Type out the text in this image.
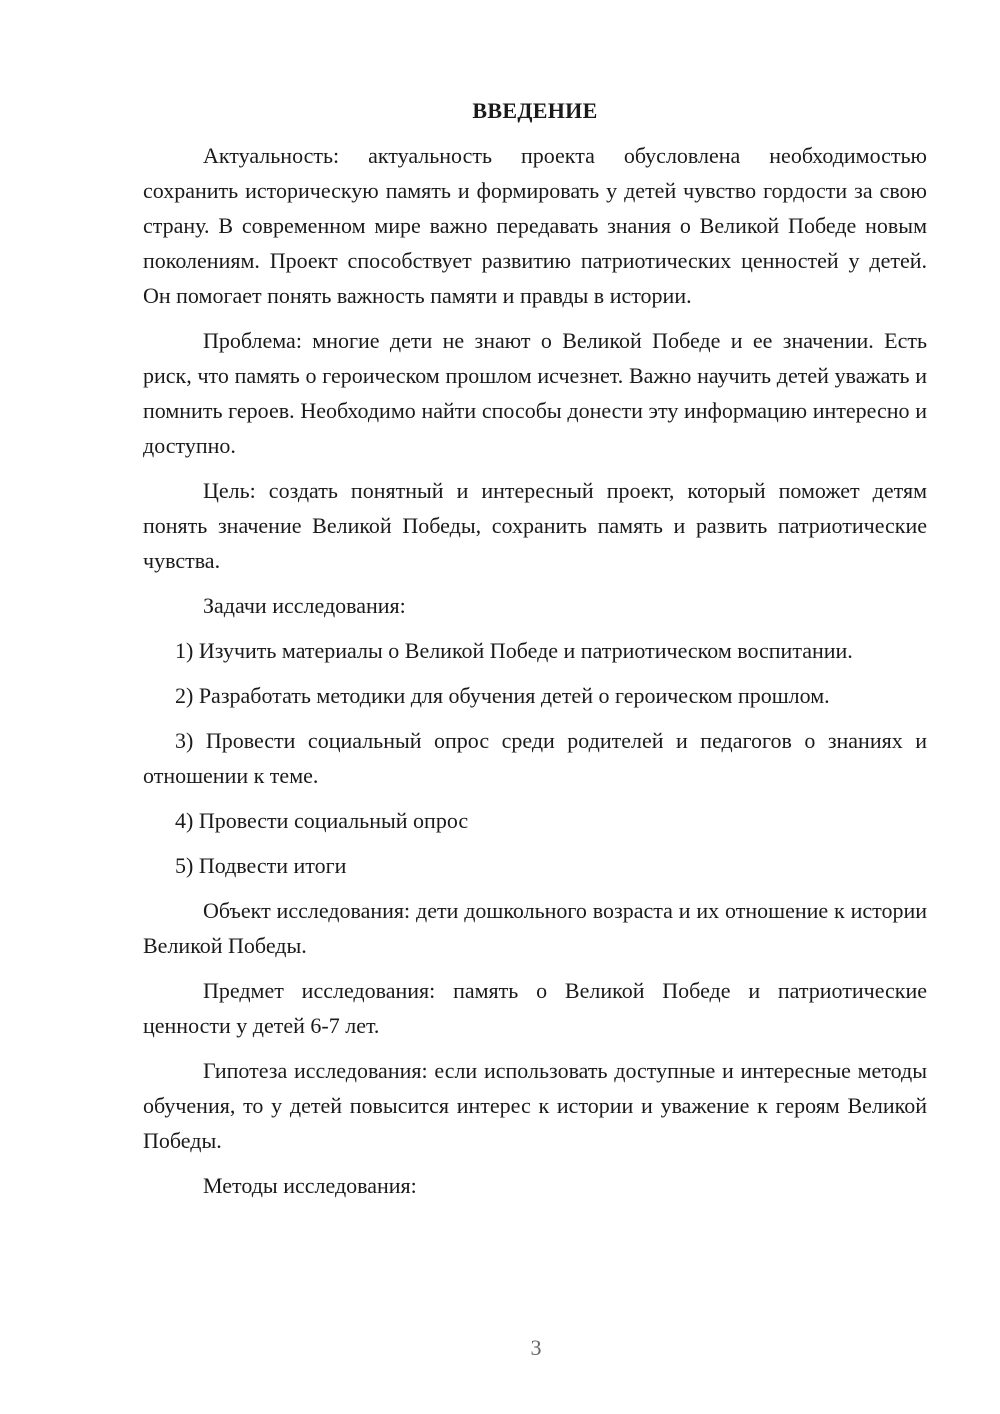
ВВЕДЕНИЕ

Актуальность: актуальность проекта обусловлена необходимостью сохранить историческую память и формировать у детей чувство гордости за свою страну. В современном мире важно передавать знания о Великой Победе новым поколениям. Проект способствует развитию патриотических ценностей у детей. Он помогает понять важность памяти и правды в истории.

Проблема: многие дети не знают о Великой Победе и ее значении. Есть риск, что память о героическом прошлом исчезнет. Важно научить детей уважать и помнить героев. Необходимо найти способы донести эту информацию интересно и доступно.

Цель: создать понятный и интересный проект, который поможет детям понять значение Великой Победы, сохранить память и развить патриотические чувства.

Задачи исследования:

1) Изучить материалы о Великой Победе и патриотическом воспитании.

2) Разработать методики для обучения детей о героическом прошлом.

3) Провести социальный опрос среди родителей и педагогов о знаниях и отношении к теме.

4) Провести социальный опрос

5) Подвести итоги

Объект исследования: дети дошкольного возраста и их отношение к истории Великой Победы.

Предмет исследования: память о Великой Победе и патриотические ценности у детей 6-7 лет.

Гипотеза исследования: если использовать доступные и интересные методы обучения, то у детей повысится интерес к истории и уважение к героям Великой Победы.

Методы исследования:

3
